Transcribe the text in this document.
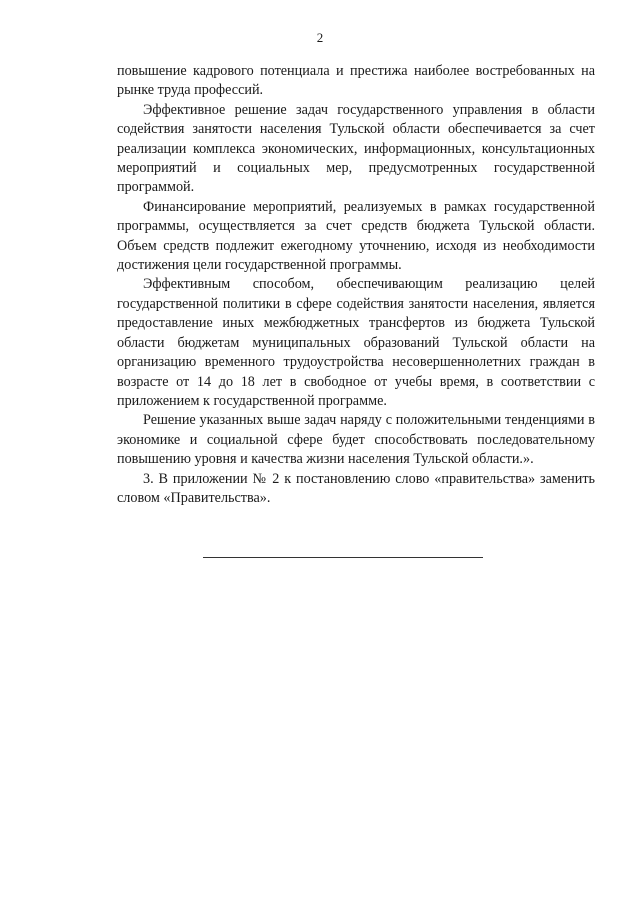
2

повышение кадрового потенциала и престижа наиболее востребованных на рынке труда профессий.

Эффективное решение задач государственного управления в области содействия занятости населения Тульской области обеспечивается за счет реализации комплекса экономических, информационных, консультационных мероприятий и социальных мер, предусмотренных государственной программой.

Финансирование мероприятий, реализуемых в рамках государственной программы, осуществляется за счет средств бюджета Тульской области. Объем средств подлежит ежегодному уточнению, исходя из необходимости достижения цели государственной программы.

Эффективным способом, обеспечивающим реализацию целей государственной политики в сфере содействия занятости населения, является предоставление иных межбюджетных трансфертов из бюджета Тульской области бюджетам муниципальных образований Тульской области на организацию временного трудоустройства несовершеннолетних граждан в возрасте от 14 до 18 лет в свободное от учебы время, в соответствии с приложением к государственной программе.

Решение указанных выше задач наряду с положительными тенденциями в экономике и социальной сфере будет способствовать последовательному повышению уровня и качества жизни населения Тульской области.».

3. В приложении № 2 к постановлению слово «правительства» заменить словом «Правительства».
